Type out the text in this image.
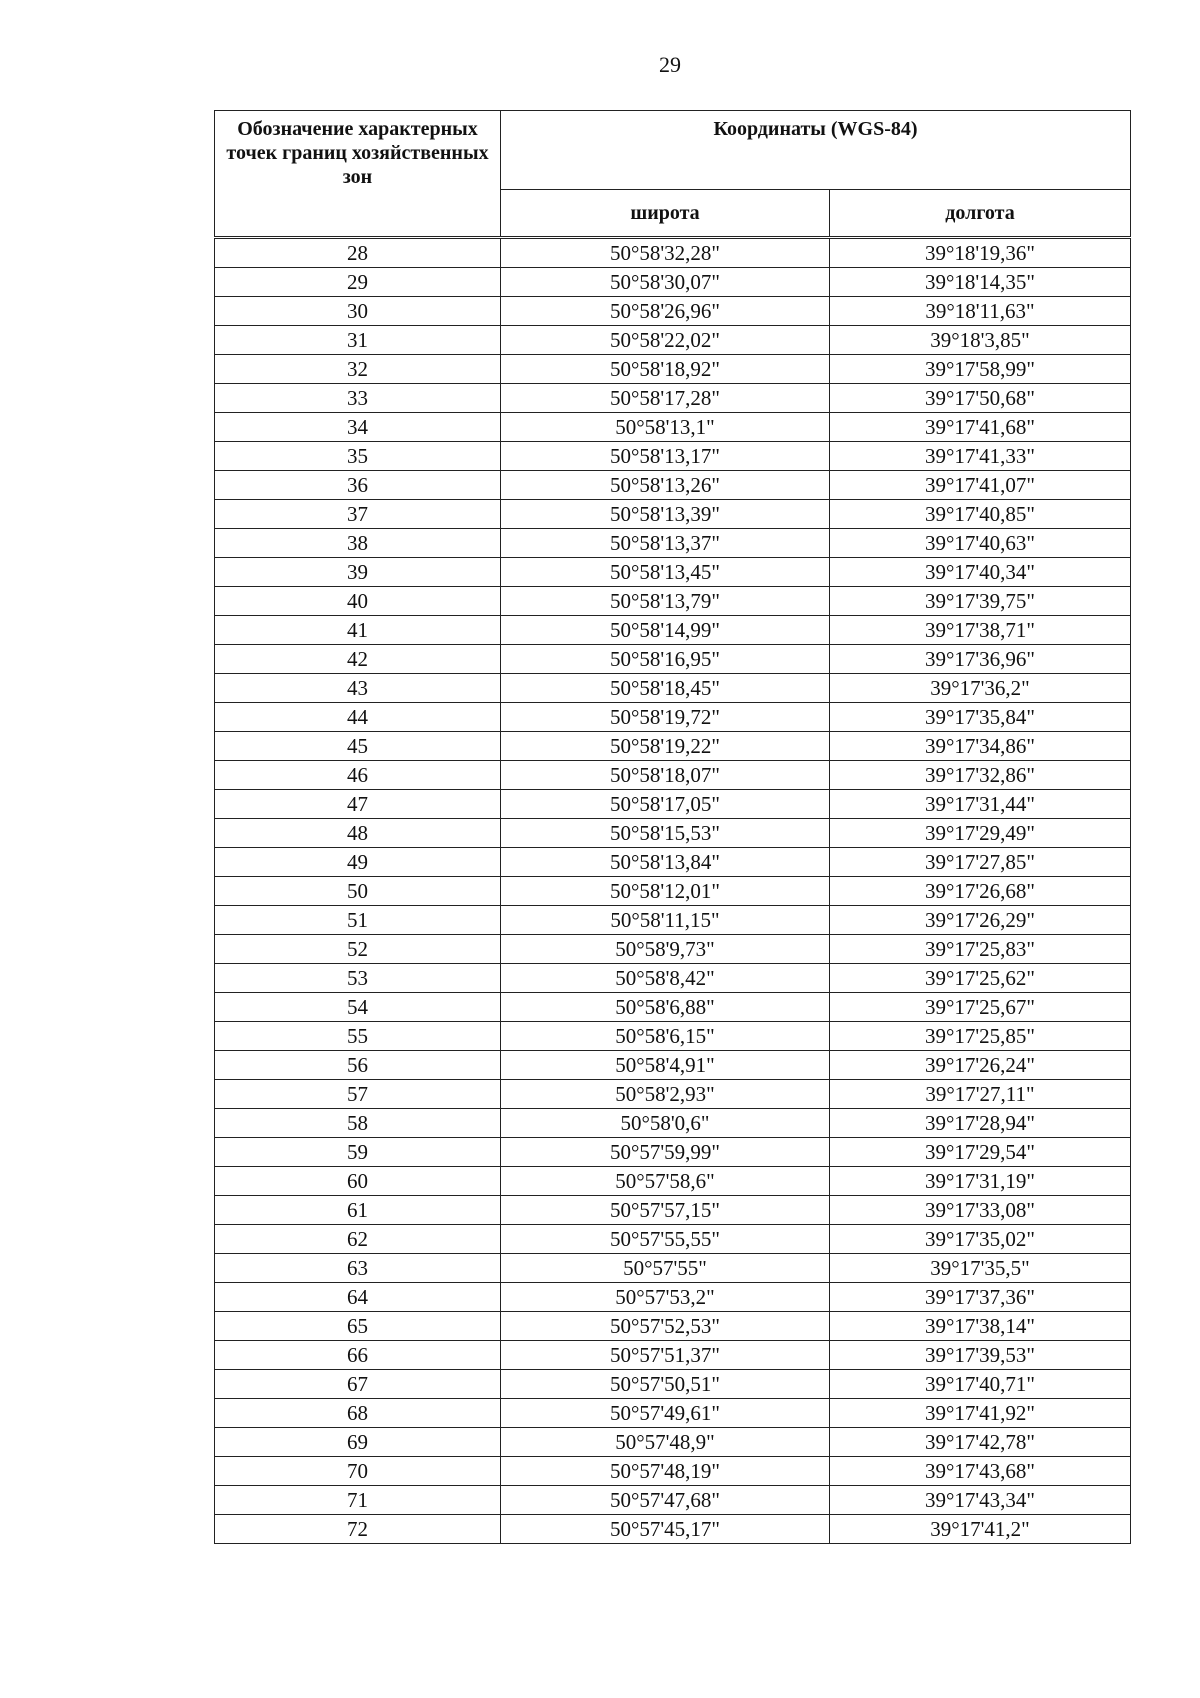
29
Обозначение характерных точек границ хозяйственных зон	Координаты (WGS-84)	
	широта	долгота
28	50°58'32,28"	39°18'19,36"
29	50°58'30,07"	39°18'14,35"
30	50°58'26,96"	39°18'11,63"
31	50°58'22,02"	39°18'3,85"
32	50°58'18,92"	39°17'58,99"
33	50°58'17,28"	39°17'50,68"
34	50°58'13,1"	39°17'41,68"
35	50°58'13,17"	39°17'41,33"
36	50°58'13,26"	39°17'41,07"
37	50°58'13,39"	39°17'40,85"
38	50°58'13,37"	39°17'40,63"
39	50°58'13,45"	39°17'40,34"
40	50°58'13,79"	39°17'39,75"
41	50°58'14,99"	39°17'38,71"
42	50°58'16,95"	39°17'36,96"
43	50°58'18,45"	39°17'36,2"
44	50°58'19,72"	39°17'35,84"
45	50°58'19,22"	39°17'34,86"
46	50°58'18,07"	39°17'32,86"
47	50°58'17,05"	39°17'31,44"
48	50°58'15,53"	39°17'29,49"
49	50°58'13,84"	39°17'27,85"
50	50°58'12,01"	39°17'26,68"
51	50°58'11,15"	39°17'26,29"
52	50°58'9,73"	39°17'25,83"
53	50°58'8,42"	39°17'25,62"
54	50°58'6,88"	39°17'25,67"
55	50°58'6,15"	39°17'25,85"
56	50°58'4,91"	39°17'26,24"
57	50°58'2,93"	39°17'27,11"
58	50°58'0,6"	39°17'28,94"
59	50°57'59,99"	39°17'29,54"
60	50°57'58,6"	39°17'31,19"
61	50°57'57,15"	39°17'33,08"
62	50°57'55,55"	39°17'35,02"
63	50°57'55"	39°17'35,5"
64	50°57'53,2"	39°17'37,36"
65	50°57'52,53"	39°17'38,14"
66	50°57'51,37"	39°17'39,53"
67	50°57'50,51"	39°17'40,71"
68	50°57'49,61"	39°17'41,92"
69	50°57'48,9"	39°17'42,78"
70	50°57'48,19"	39°17'43,68"
71	50°57'47,68"	39°17'43,34"
72	50°57'45,17"	39°17'41,2"
